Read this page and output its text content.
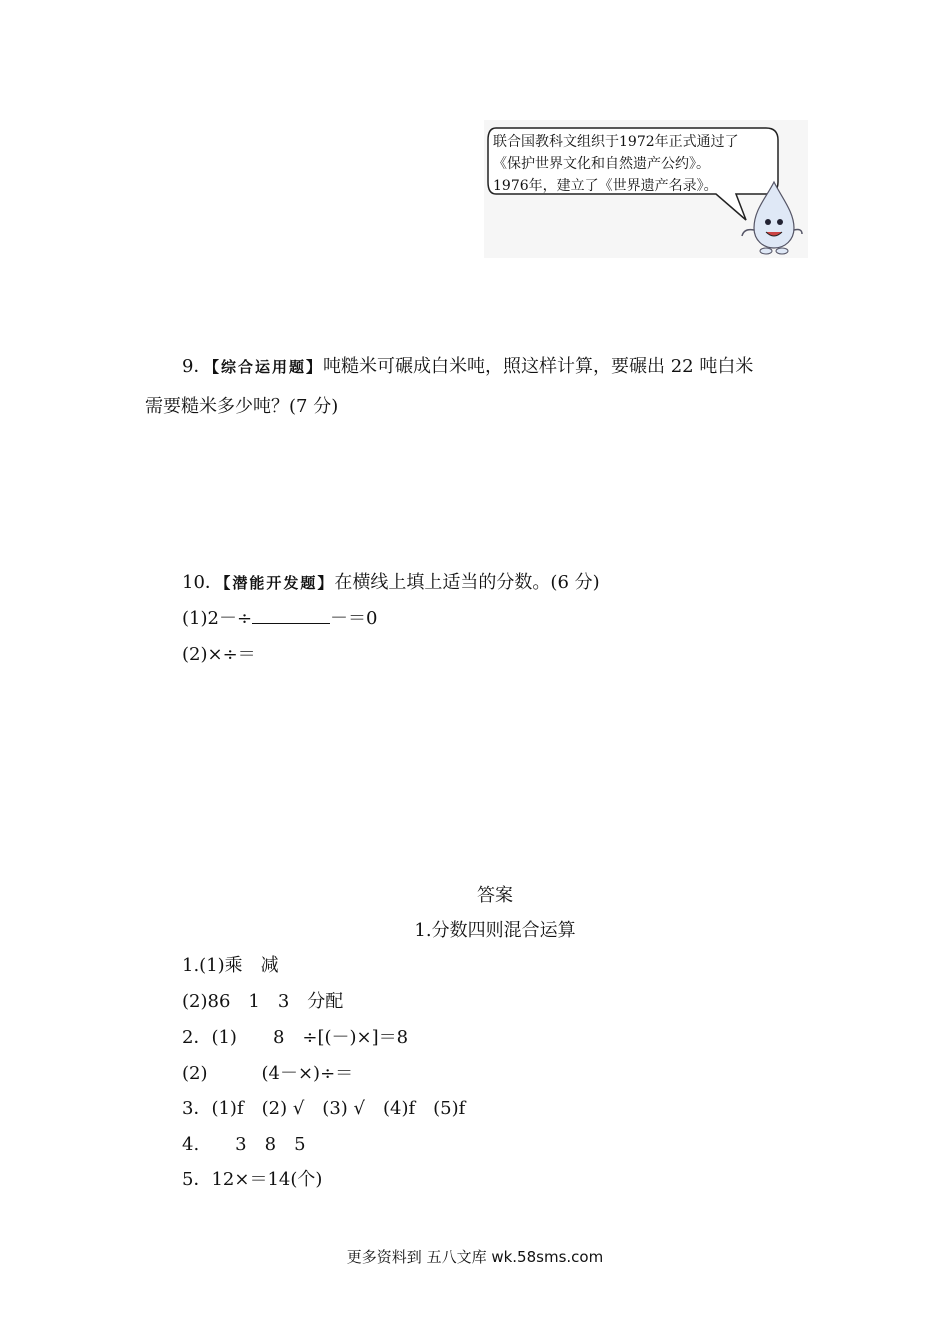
联合国教科文组织于1972年正式通过了
《保护世界文化和自然遗产公约》。
1976年，建立了《世界遗产名录》。
9．【综合运用题】吨糙米可碾成白米吨，照这样计算，要碾出 22 吨白米
需要糙米多少吨？(7 分)
10．【潜能开发题】在横线上填上适当的分数。(6 分)
(1)2－÷	－＝0
(2)×÷＝
答案
1.分数四则混合运算
1.(1)乘　减
(2)86　1　3　分配
2．(1)　　8　÷[(－)×]＝8
(2)　　　(4－×)÷＝
3．(1)f　(2) √　(3) √　(4)f　(5)f
4.　　3　8　5
5．12×＝14(个)
更多资料到 五八文库 wk.58sms.com
